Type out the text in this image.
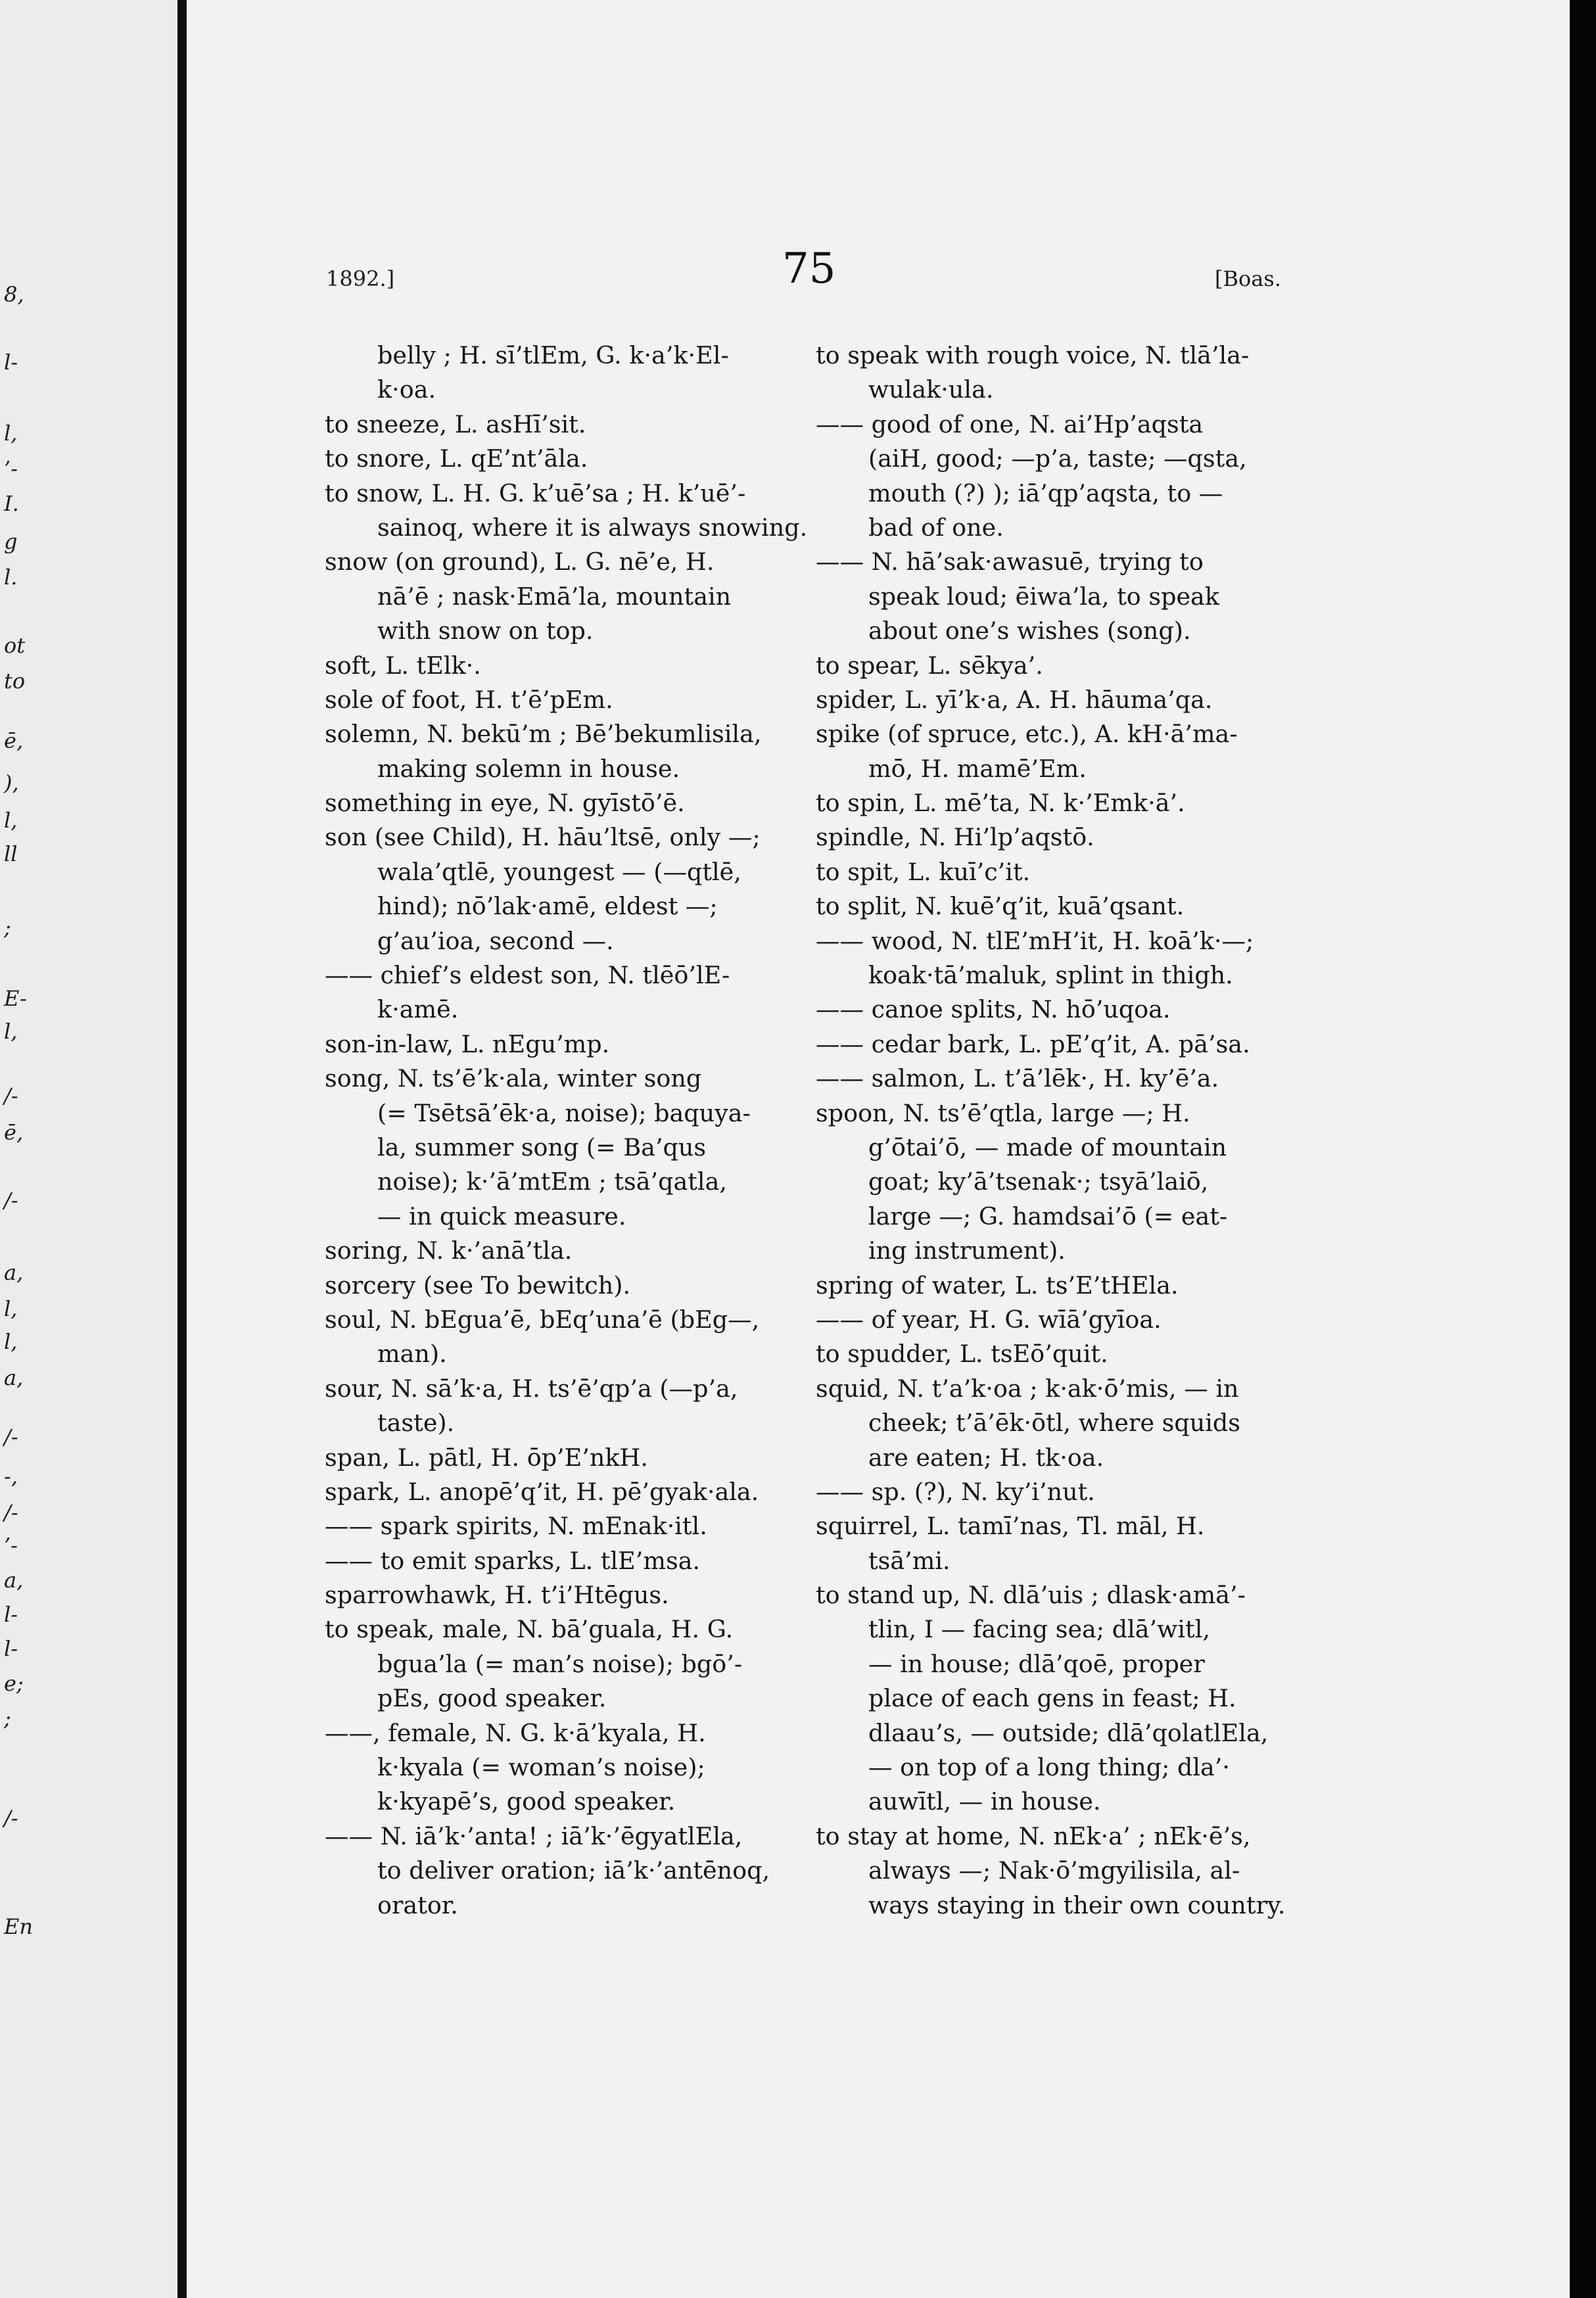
8,
l-
l,
’-
I.
g
l.
ot
to
ē,
),
l,
ll
;
E-
l,
/-
ē,
/-
a,
l,
l,
a,
/-
-,
/-
’-
a,
l-
l-
e;
;
/-
En
1892.]	75	[Boas.
belly ; H. sī’tlEm, G. k·a’k·El-
k·oa.
to sneeze, L. asHī’sit.
to snore, L. qE’nt’āla.
to snow, L. H. G. k’uē’sa ; H. k’uē’-
sainoq, where it is always snowing.
snow (on ground), L. G. nē’e, H.
nā’ē ; nask·Emā’la, mountain
with snow on top.
soft, L. tElk·.
sole of foot, H. t’ē’pEm.
solemn, N. bekū’m ; Bē’bekumlisila,
making solemn in house.
something in eye, N. gyīstō’ē.
son (see Child), H. hāu’ltsē, only —;
wala’qtlē, youngest — (—qtlē,
hind); nō’lak·amē, eldest —;
g’au’ioa, second —.
—— chief’s eldest son, N. tlēō’lE-
k·amē.
son-in-law, L. nEgu’mp.
song, N. ts’ē’k·ala, winter song
(= Tsētsā’ēk·a, noise); baquya-
la, summer song (= Ba’qus
noise); k·’ā’mtEm ; tsā’qatla,
— in quick measure.
soring, N. k·’anā’tla.
sorcery (see To bewitch).
soul, N. bEgua’ē, bEq’una’ē (bEg—,
man).
sour, N. sā’k·a, H. ts’ē’qp’a (—p’a,
taste).
span, L. pātl, H. ōp’E’nkH.
spark, L. anopē’q’it, H. pē’gyak·ala.
—— spark spirits, N. mEnak·itl.
—— to emit sparks, L. tlE’msa.
sparrowhawk, H. t’i’Htēgus.
to speak, male, N. bā’guala, H. G.
bgua’la (= man’s noise); bgō’-
pEs, good speaker.
——, female, N. G. k·ā’kyala, H.
k·kyala (= woman’s noise);
k·kyapē’s, good speaker.
—— N. iā’k·’anta! ; iā’k·’ēgyatlEla,
to deliver oration; iā’k·’antēnoq,
orator.
to speak with rough voice, N. tlā’la-
wulak·ula.
—— good of one, N. ai’Hp’aqsta
(aiH, good; —p’a, taste; —qsta,
mouth (?) ); iā’qp’aqsta, to —
bad of one.
—— N. hā’sak·awasuē, trying to
speak loud; ēiwa’la, to speak
about one’s wishes (song).
to spear, L. sēkya’.
spider, L. yī’k·a, A. H. hāuma’qa.
spike (of spruce, etc.), A. kH·ā’ma-
mō, H. mamē’Em.
to spin, L. mē’ta, N. k·’Emk·ā’.
spindle, N. Hi’lp’aqstō.
to spit, L. kuī’c’it.
to split, N. kuē’q’it, kuā’qsant.
—— wood, N. tlE’mH’it, H. koā’k·—;
koak·tā’maluk, splint in thigh.
—— canoe splits, N. hō’uqoa.
—— cedar bark, L. pE’q’it, A. pā’sa.
—— salmon, L. t’ā’lēk·, H. ky’ē’a.
spoon, N. ts’ē’qtla, large —; H.
g’ōtai’ō, — made of mountain
goat; ky’ā’tsenak·; tsyā’laiō,
large —; G. hamdsai’ō (= eat-
ing instrument).
spring of water, L. ts’E’tHEla.
—— of year, H. G. wīā’gyīoa.
to spudder, L. tsEō’quit.
squid, N. t’a’k·oa ; k·ak·ō’mis, — in
cheek; t’ā’ēk·ōtl, where squids
are eaten; H. tk·oa.
—— sp. (?), N. ky’i’nut.
squirrel, L. tamī’nas, Tl. māl, H.
tsā’mi.
to stand up, N. dlā’uis ; dlask·amā’-
tlin, I — facing sea; dlā’witl,
— in house; dlā’qoē, proper
place of each gens in feast; H.
dlaau’s, — outside; dlā’qolatlEla,
— on top of a long thing; dla’·
auwītl, — in house.
to stay at home, N. nEk·a’ ; nEk·ē’s,
always —; Nak·ō’mgyilisila, al-
ways staying in their own country.
